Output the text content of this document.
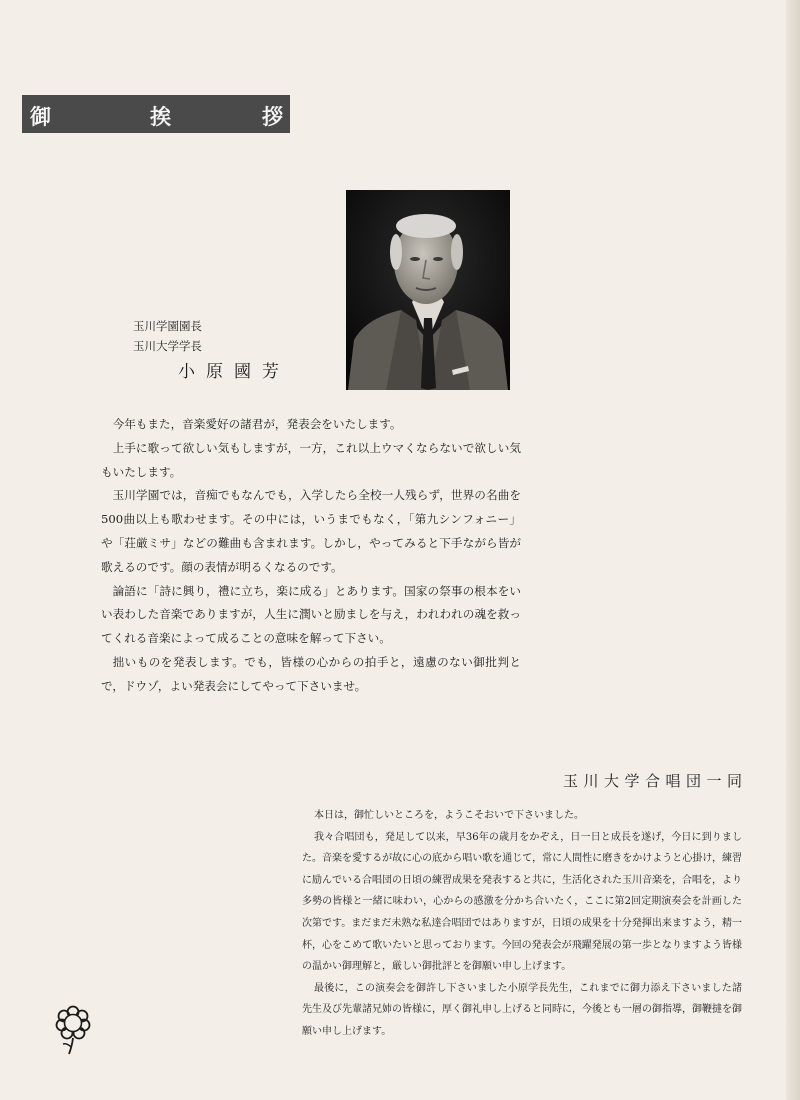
御	挨	拶
玉川学園園長
玉川大学学長
小原國芳

今年もまた，音楽愛好の諸君が，発表会をいたします。

上手に歌って欲しい気もしますが，一方，これ以上ウマくならないで欲しい気もいたします。

玉川学園では，音痴でもなんでも，入学したら全校一人残らず，世界の名曲を500曲以上も歌わせます。その中には，いうまでもなく，「第九シンフォニー」や「荘厳ミサ」などの難曲も含まれます。しかし，やってみると下手ながら皆が歌えるのです。顔の表情が明るくなるのです。

論語に「詩に興り，禮に立ち，楽に成る」とあります。国家の祭事の根本をいい表わした音楽でありますが，人生に潤いと励ましを与え，われわれの魂を救ってくれる音楽によって成ることの意味を解って下さい。

拙いものを発表します。でも，皆様の心からの拍手と，遠慮のない御批判とで，ドウゾ，よい発表会にしてやって下さいませ。

玉川大学合唱団一同

本日は，御忙しいところを，ようこそおいで下さいました。

我々合唱団も，発足して以来，早36年の歳月をかぞえ，日一日と成長を遂げ，今日に到りました。音楽を愛するが故に心の底から唱い歌を通じて，常に人間性に磨きをかけようと心掛け，練習に励んでいる合唱団の日頃の練習成果を発表すると共に，生活化された玉川音楽を，合唱を，より多勢の皆様と一緒に味わい，心からの感激を分かち合いたく，ここに第2回定期演奏会を計画した次第です。まだまだ未熟な私達合唱団ではありますが，日頃の成果を十分発揮出来ますよう，精一杯，心をこめて歌いたいと思っております。今回の発表会が飛躍発展の第一歩となりますよう皆様の温かい御理解と，厳しい御批評とを御願い申し上げます。

最後に，この演奏会を御許し下さいました小原学長先生，これまでに御力添え下さいました諸先生及び先輩諸兄姉の皆様に，厚く御礼申し上げると同時に，今後とも一層の御指導，御鞭撻を御願い申し上げます。
